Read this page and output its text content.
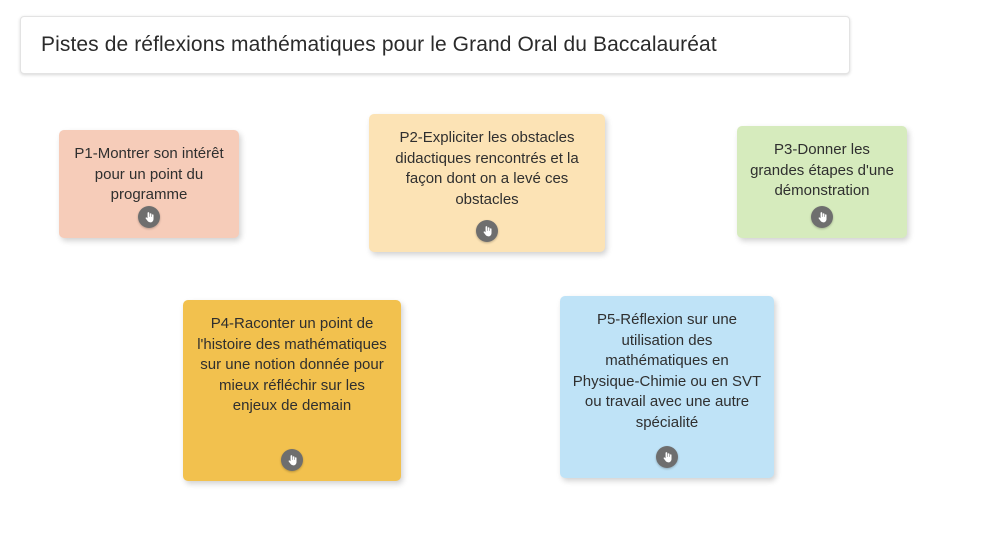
Pistes de réflexions mathématiques pour le Grand Oral du Baccalauréat
P1-Montrer son intérêt pour un point du programme
P2-Expliciter les obstacles didactiques rencontrés et la façon dont on a levé ces obstacles
P3-Donner les grandes étapes d'une démonstration
P4-Raconter un point de l'histoire des mathématiques sur une notion donnée pour mieux réfléchir sur les enjeux de demain
P5-Réflexion sur une utilisation des mathématiques en Physique-Chimie ou en SVT ou travail avec une autre spécialité
